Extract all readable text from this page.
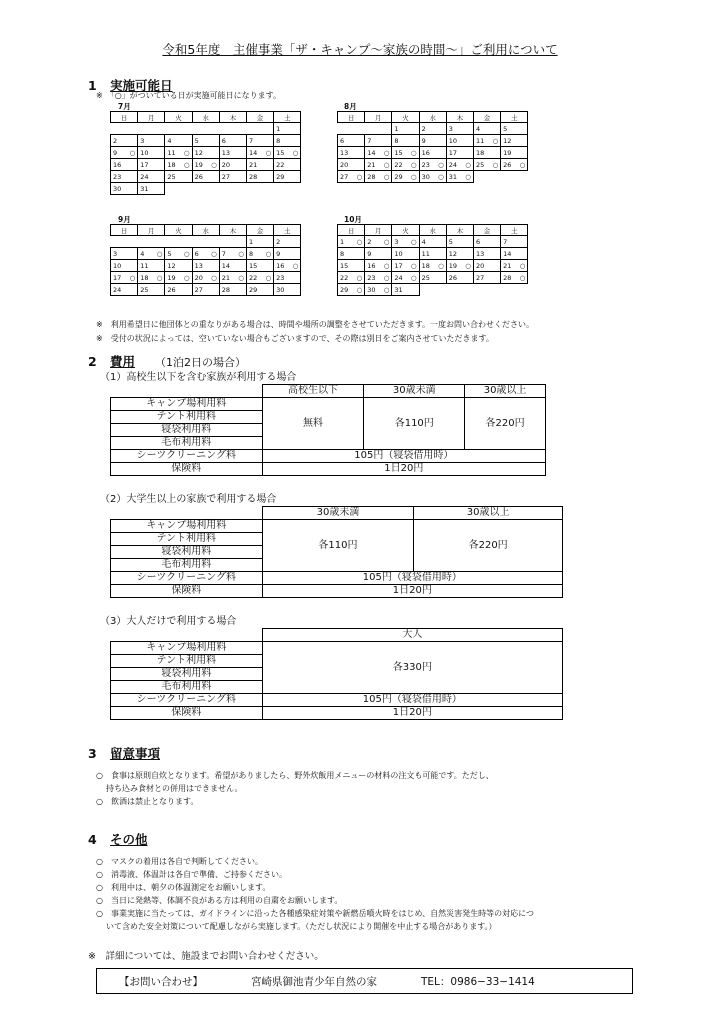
令和5年度　主催事業「ザ・キャンプ〜家族の時間〜」ご利用について
1 実施可能日
※　「○」がついている日が実施可能日になります。
7月
日	月	火	水	木	金	土
						1
2	3	4	5	6	7	8
9 ○	10	11 ○	12	13	14 ○	15 ○

16	17	18 ○	19 ○	20	21	22
23	24	25	26	27	28	29
30	31					
8月
日	月	火	水	木	金	土
		1	2	3	4	5
6	7	8	9	10	11 ○	12
13	14 ○	15 ○	16	17	18	19
20	21 ○	22 ○	23 ○	24 ○	25 ○	26 ○

27 ○	28 ○	29 ○	30 ○	31 ○		

9月
日	月	火	水	木	金	土
					1	2
3	4 ○	5 ○	6 ○	7 ○	8 ○	9
10	11	12	13	14	15	16 ○

17 ○	18 ○	19 ○	20 ○	21 ○	22 ○	23
24	25	26	27	28	29	30
10月
日	月	火	水	木	金	土
1 ○	2 ○	3 ○	4	5	6	7
8	9	10	11	12	13	14
15	16 ○	17 ○	18 ○	19 ○	20	21 ○

22 ○	23 ○	24 ○	25	26	27	28 ○

29 ○	30 ○	31				
※　利用希望日に他団体との重なりがある場合は、時間や場所の調整をさせていただきます。一度お問い合わせください。
※　受付の状況によっては、空いていない場合もございますので、その際は別日をご案内させていただきます。
2 費用 （1泊2日の場合）
（1）高校生以下を含む家族が利用する場合
	高校生以下	30歳未満	30歳以上
キャンプ場利用料	無料	各110円	各220円
テント利用料			
寝袋利用料			
毛布利用料			
シーツクリーニング料	105円（寝袋借用時）		
保険料	1日20円		
（2）大学生以上の家族で利用する場合
	30歳未満	30歳以上
キャンプ場利用料	各110円	各220円
テント利用料		
寝袋利用料		
毛布利用料		
シーツクリーニング料	105円（寝袋借用時）	
保険料	1日20円	
（3）大人だけで利用する場合
	大人
キャンプ場利用料	各330円
テント利用料	
寝袋利用料	
毛布利用料	
シーツクリーニング料	105円（寝袋借用時）
保険料	1日20円
3 留意事項
○　食事は原則自炊となります。希望がありましたら、野外炊飯用メニューの材料の注文も可能です。ただし、
持ち込み食材との併用はできません。
○　飲酒は禁止となります。
4 その他
○　マスクの着用は各自で判断してください。
○　消毒液、体温計は各自で準備、ご持参ください。
○　利用中は、朝夕の体温測定をお願いします。
○　当日に発熱等、体調不良がある方は利用の自粛をお願いします。
○　事業実施に当たっては、ガイドラインに沿った各種感染症対策や新燃岳噴火時をはじめ、自然災害発生時等の対応につ
いて含めた安全対策について配慮しながら実施します。（ただし状況により開催を中止する場合があります。）
※　詳細については、施設までお問い合わせください。
【お問い合わせ】	宮崎県御池青少年自然の家	TEL：0986−33−1414
